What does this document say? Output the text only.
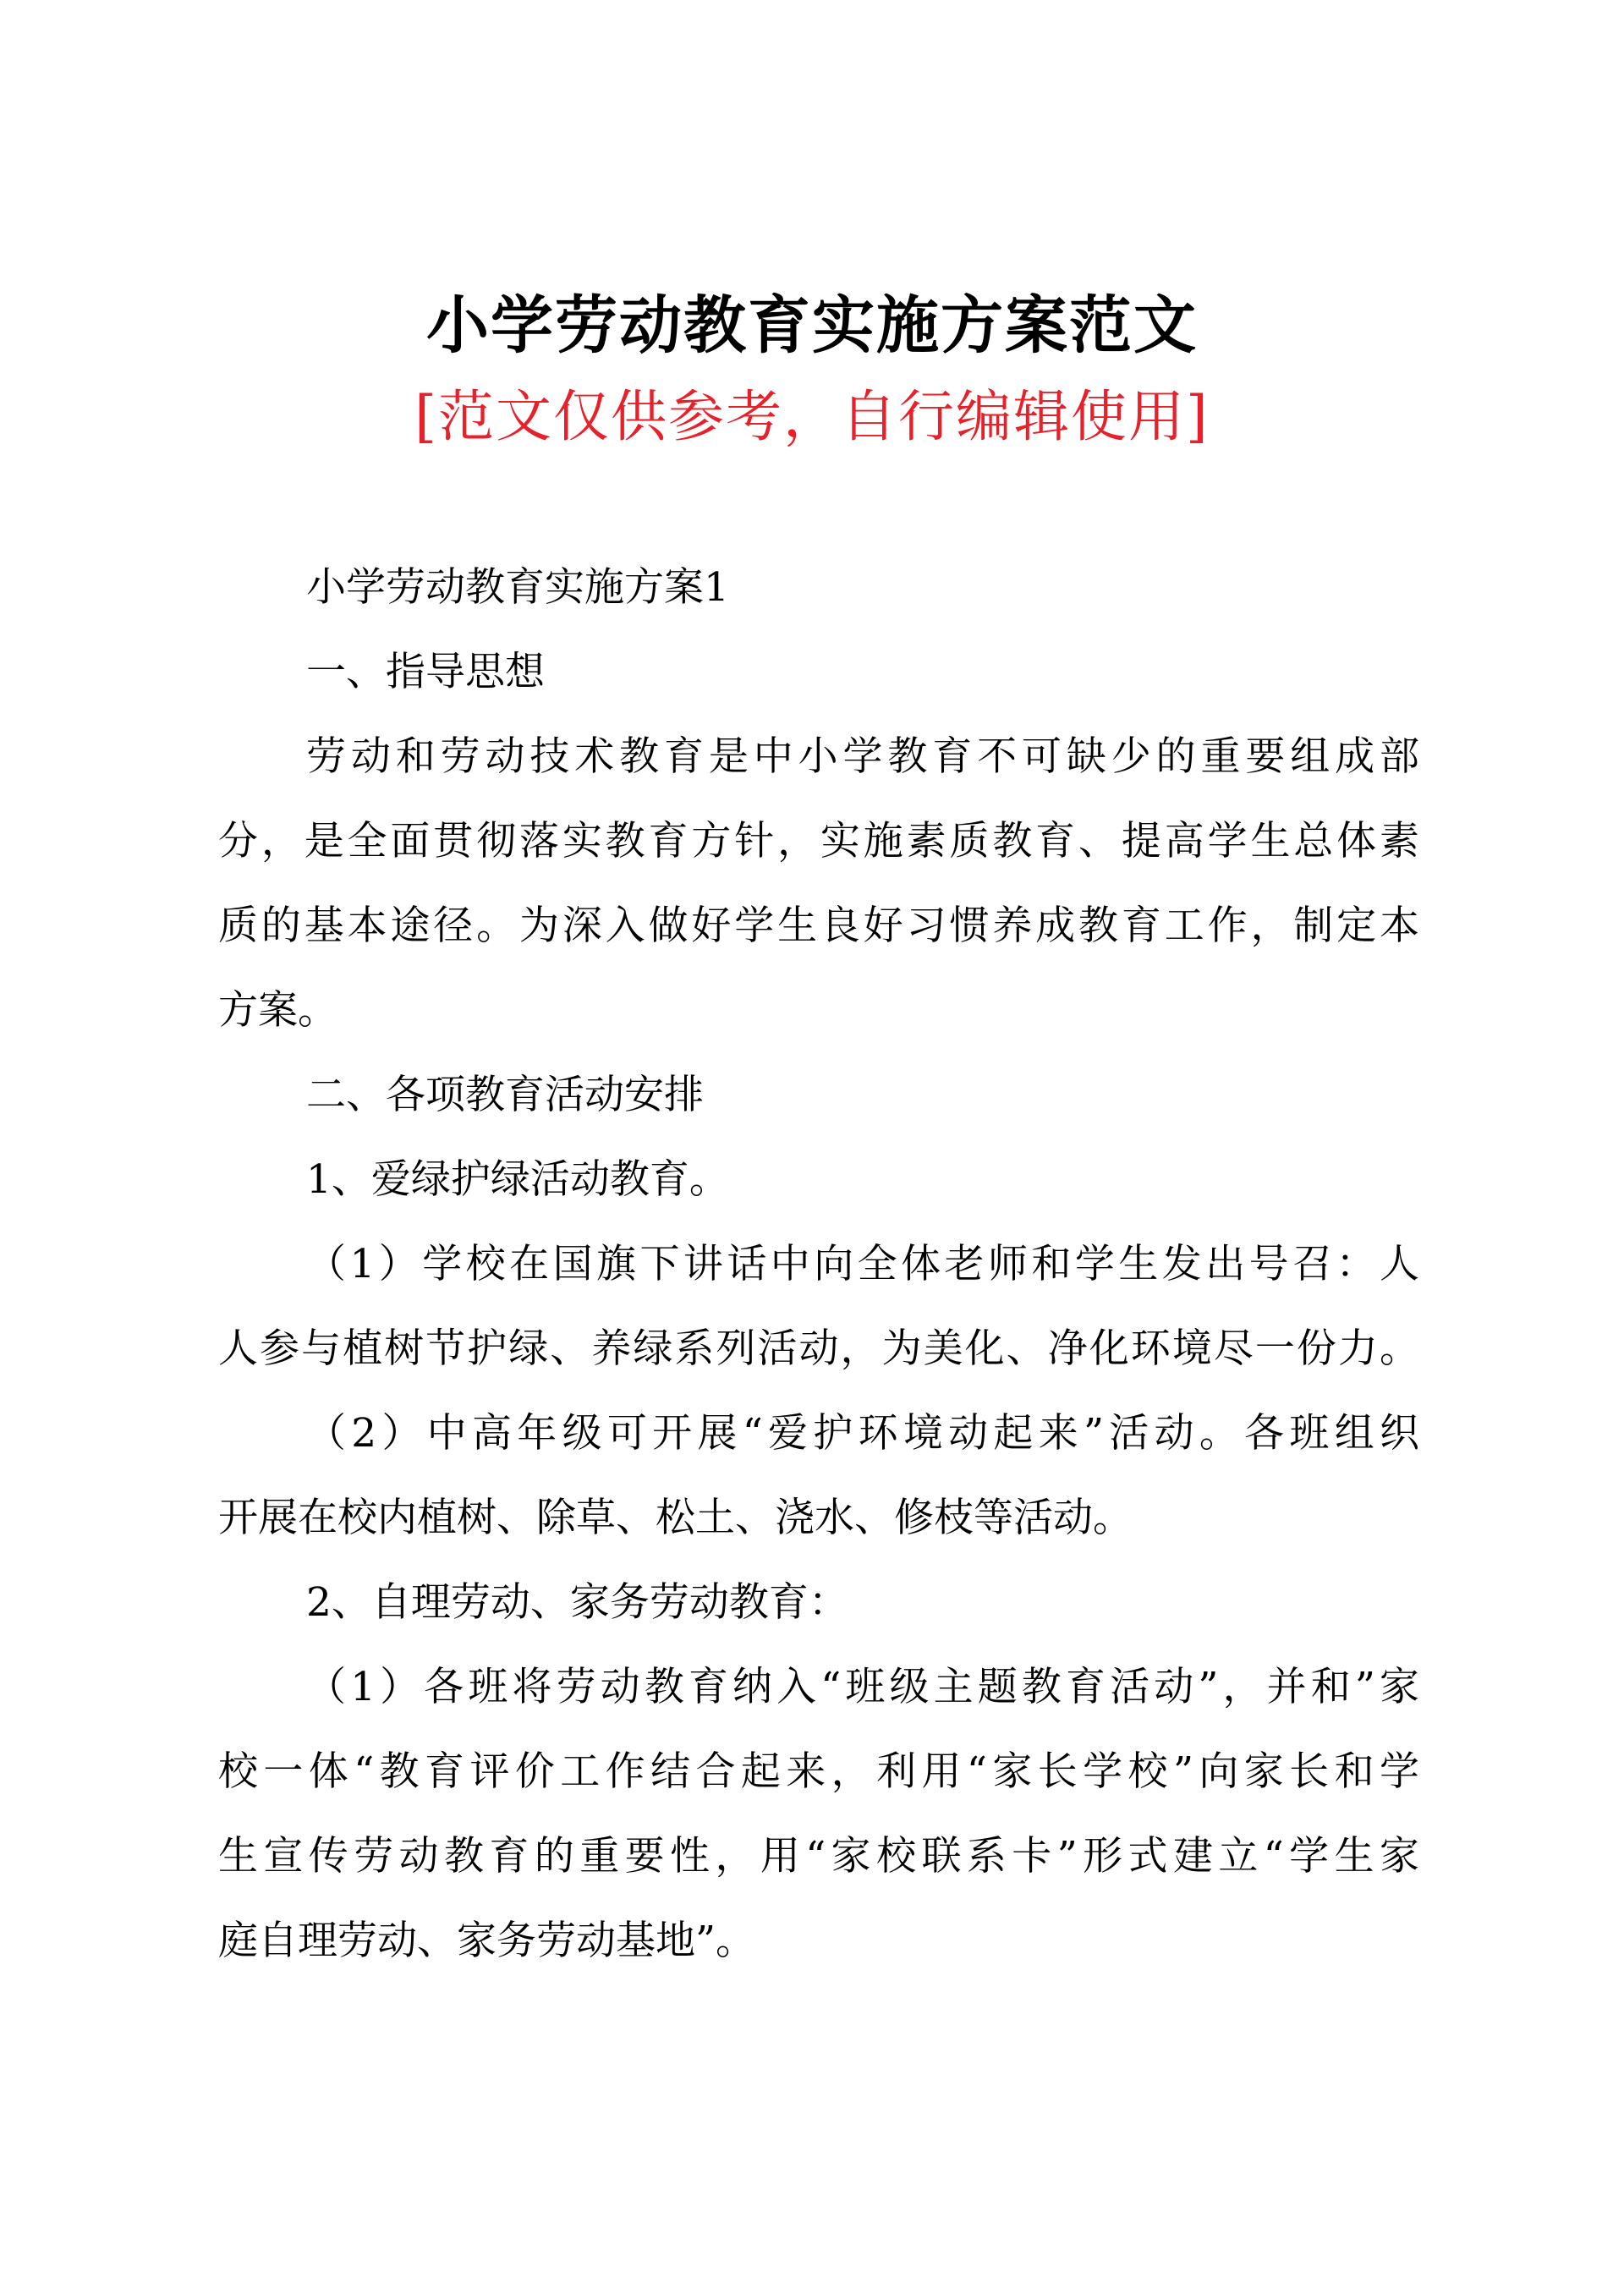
小学劳动教育实施方案范文
[范文仅供参考，自行编辑使用]
小学劳动教育实施方案1
一、指导思想
劳动和劳动技术教育是中小学教育不可缺少的重要组成部
分，是全面贯彻落实教育方针，实施素质教育、提高学生总体素
质的基本途径。为深入做好学生良好习惯养成教育工作，制定本
方案。
二、各项教育活动安排
1、爱绿护绿活动教育。
（1）学校在国旗下讲话中向全体老师和学生发出号召：人
人参与植树节护绿、养绿系列活动，为美化、净化环境尽一份力。
（2）中高年级可开展“爱护环境动起来”活动。各班组织
开展在校内植树、除草、松土、浇水、修枝等活动。
2、自理劳动、家务劳动教育：
（1）各班将劳动教育纳入“班级主题教育活动”，并和”家
校一体“教育评价工作结合起来，利用“家长学校”向家长和学
生宣传劳动教育的重要性，用“家校联系卡”形式建立“学生家
庭自理劳动、家务劳动基地”。
